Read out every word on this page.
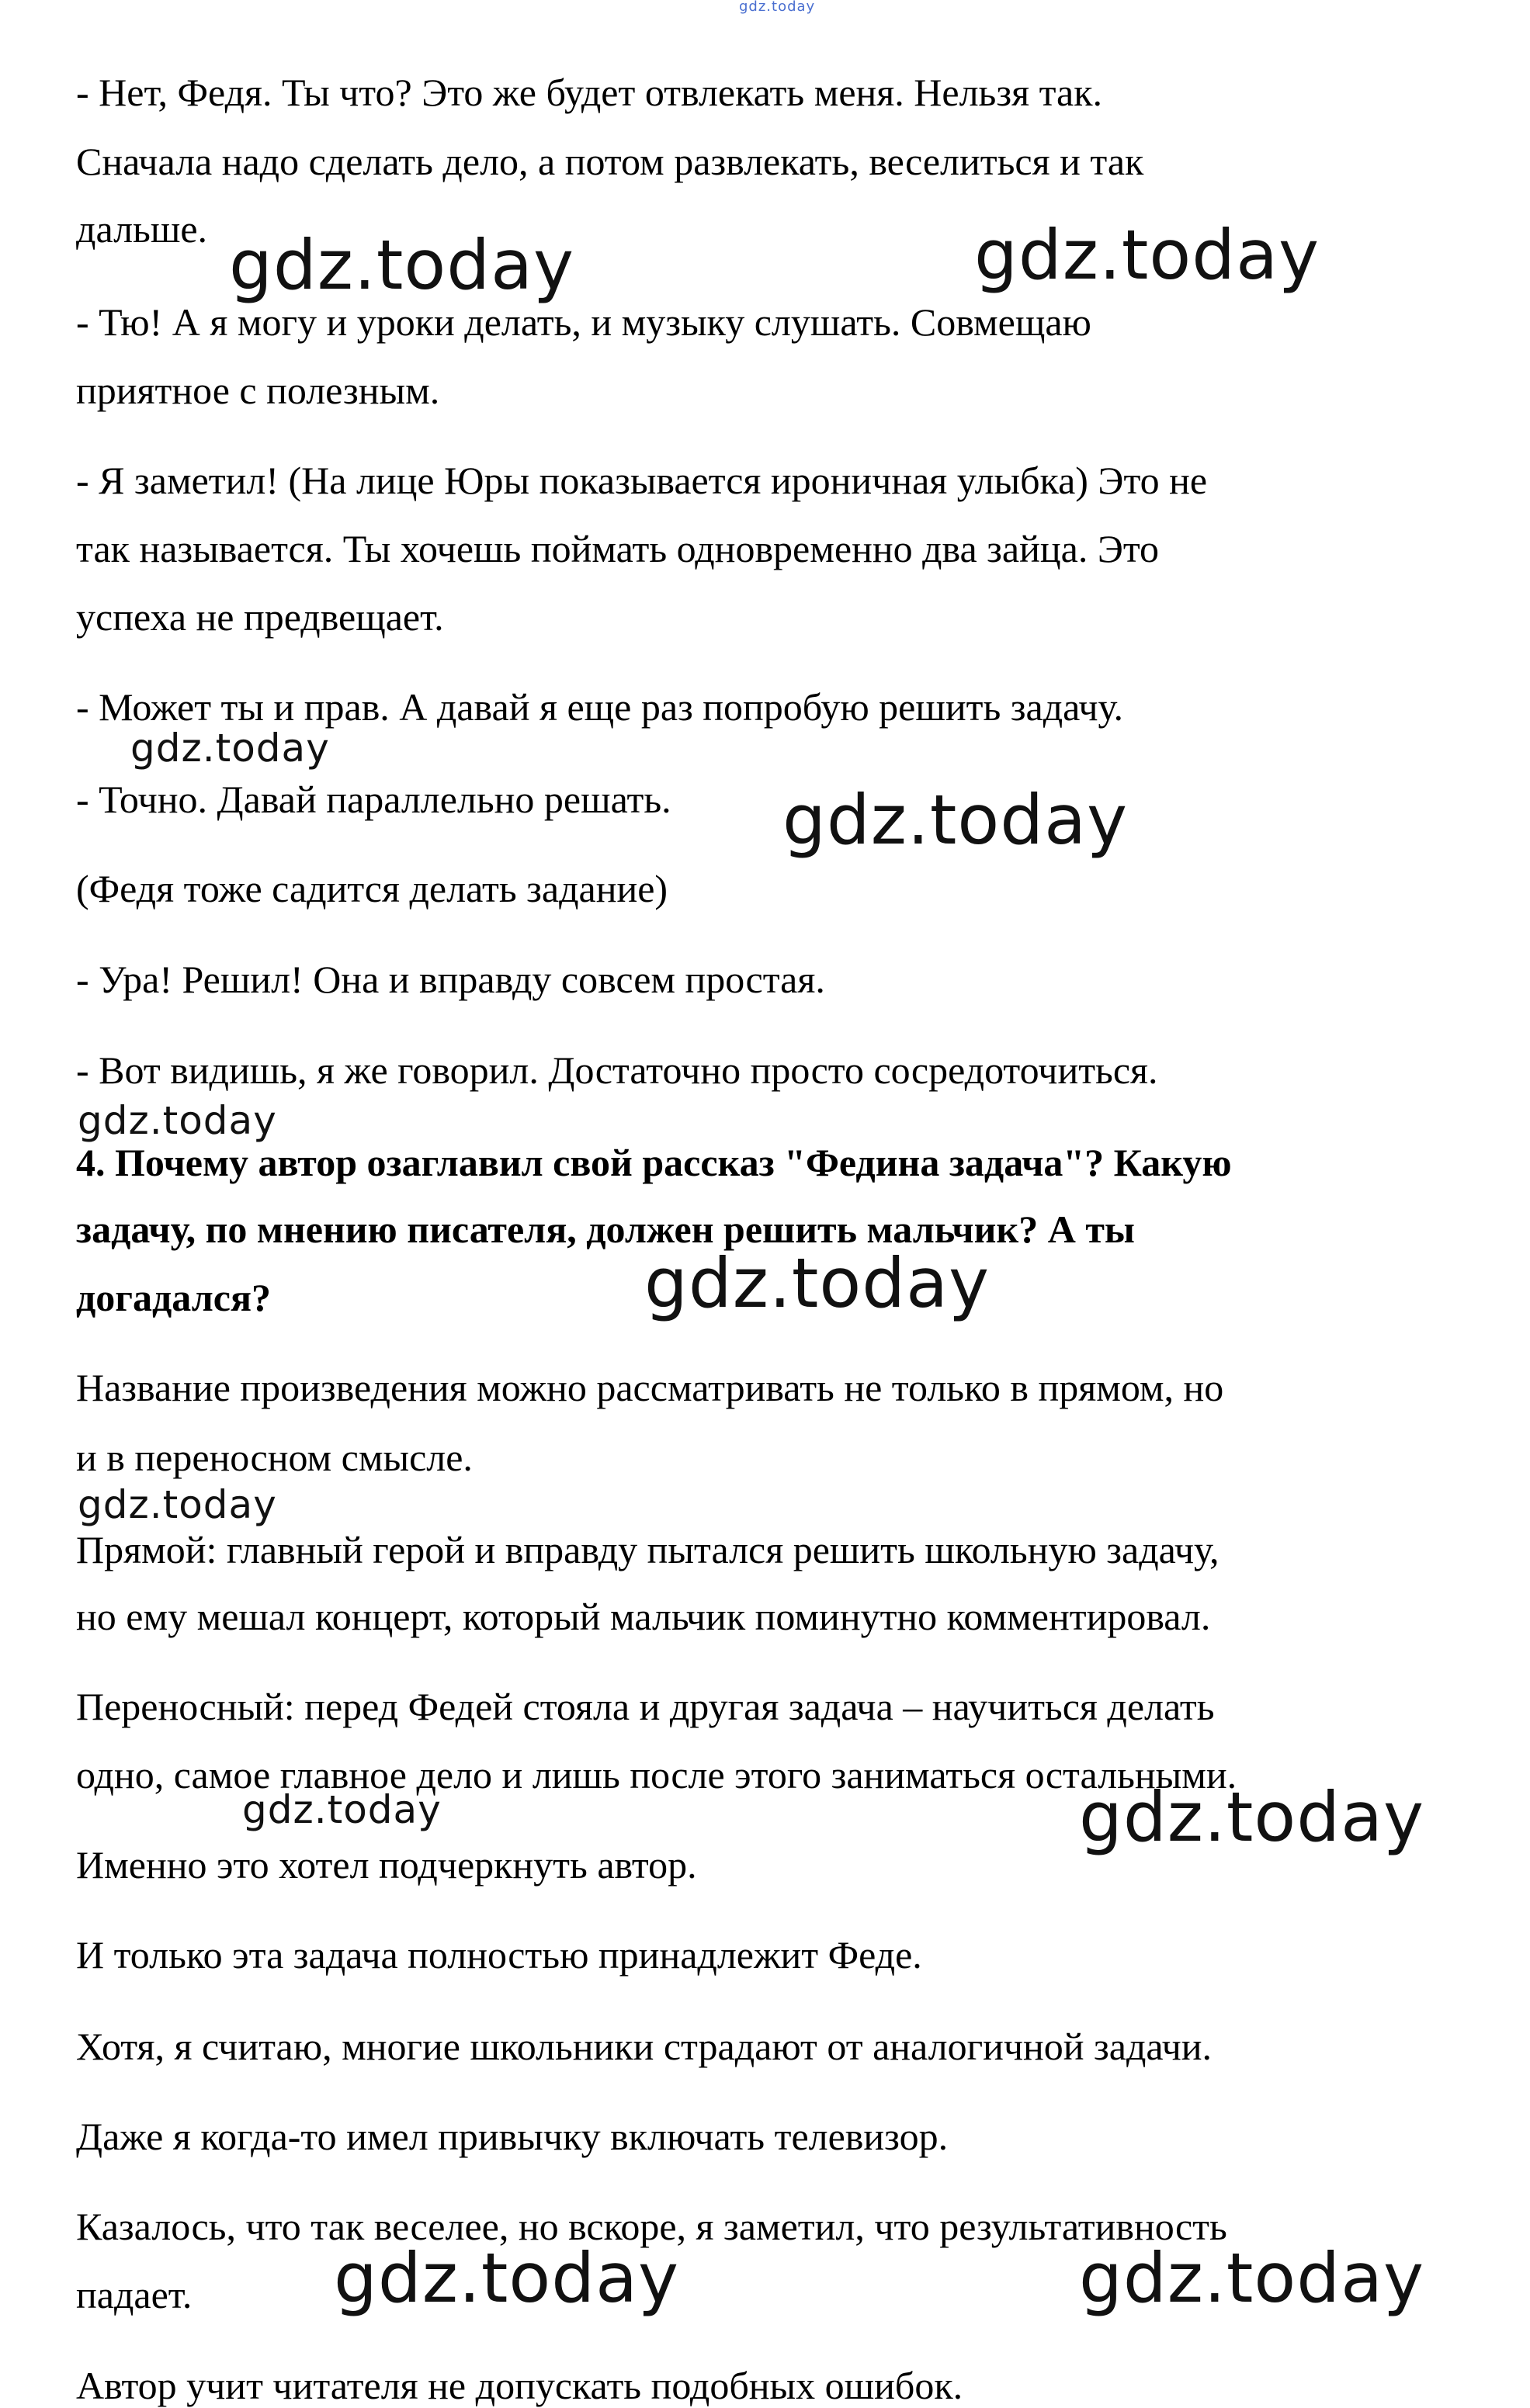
gdz.today

- Нет, Федя. Ты что? Это же будет отвлекать меня. Нельзя так.

Сначала надо сделать дело, а потом развлекать, веселиться и так

дальше.

- Тю! А я могу и уроки делать, и музыку слушать. Совмещаю

приятное с полезным.

- Я заметил! (На лице Юры показывается ироничная улыбка) Это не

так называется. Ты хочешь поймать одновременно два зайца. Это

успеха не предвещает.

- Может ты и прав. А давай я еще раз попробую решить задачу.

- Точно. Давай параллельно решать.

(Федя тоже садится делать задание)

- Ура! Решил! Она и вправду совсем простая.

- Вот видишь, я же говорил. Достаточно просто сосредоточиться.

4. Почему автор озаглавил свой рассказ "Федина задача"? Какую

задачу, по мнению писателя, должен решить мальчик? А ты

догадался?

Название произведения можно рассматривать не только в прямом, но

и в переносном смысле.

Прямой: главный герой и вправду пытался решить школьную задачу,

но ему мешал концерт, который мальчик поминутно комментировал.

Переносный: перед Федей стояла и другая задача – научиться делать

одно, самое главное дело и лишь после этого заниматься остальными.

Именно это хотел подчеркнуть автор.

И только эта задача полностью принадлежит Феде.

Хотя, я считаю, многие школьники страдают от аналогичной задачи.

Даже я когда-то имел привычку включать телевизор.

Казалось, что так веселее, но вскоре, я заметил, что результативность

падает.

Автор учит читателя не допускать подобных ошибок.

gdz.today	gdz.today
gdz.today
gdz.today
gdz.today
gdz.today
gdz.today
gdz.today	gdz.today
gdz.today	gdz.today
